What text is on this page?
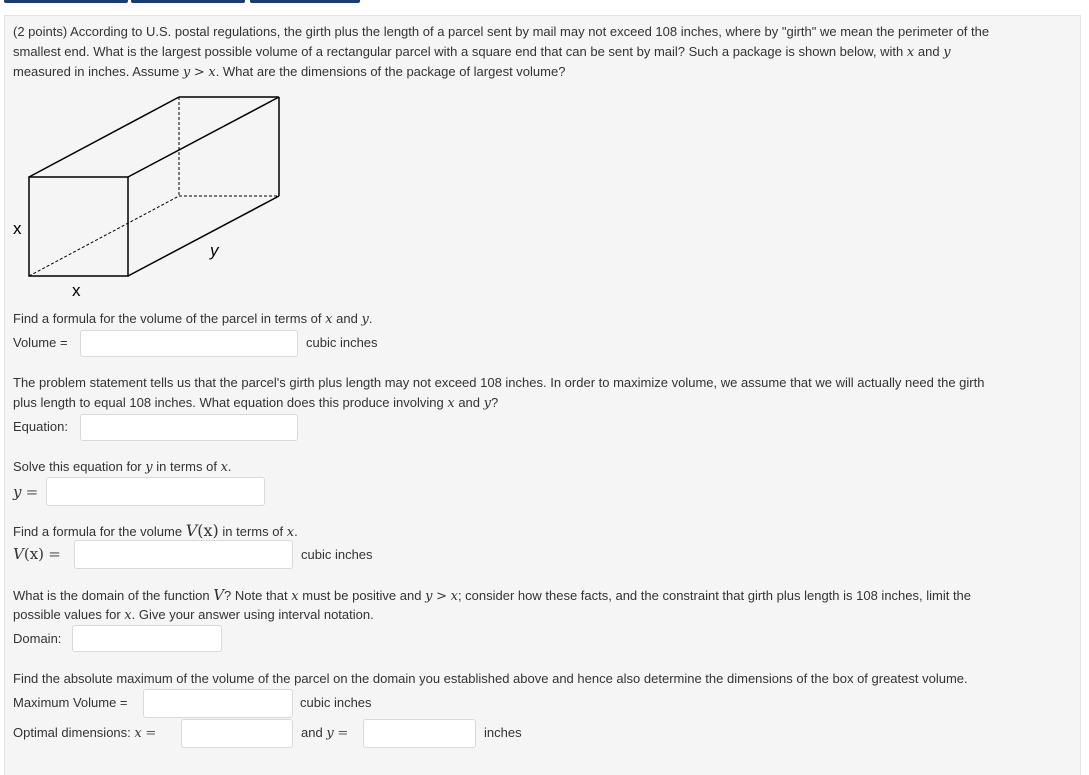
(2 points) According to U.S. postal regulations, the girth plus the length of a parcel sent by mail may not exceed 108 inches, where by "girth" we mean the perimeter of the
smallest end. What is the largest possible volume of a rectangular parcel with a square end that can be sent by mail? Such a package is shown below, with x and y
measured in inches. Assume y > x. What are the dimensions of the package of largest volume?
x
y
x
Find a formula for the volume of the parcel in terms of x and y.
Volume =	cubic inches
The problem statement tells us that the parcel's girth plus length may not exceed 108 inches. In order to maximize volume, we assume that we will actually need the girth
plus length to equal 108 inches. What equation does this produce involving x and y?
Equation:
Solve this equation for y in terms of x.
y =
Find a formula for the volume V(x) in terms of x.
V(x) =	cubic inches
What is the domain of the function V? Note that x must be positive and y > x; consider how these facts, and the constraint that girth plus length is 108 inches, limit the
possible values for x. Give your answer using interval notation.
Domain:
Find the absolute maximum of the volume of the parcel on the domain you established above and hence also determine the dimensions of the box of greatest volume.
Maximum Volume =	cubic inches
Optimal dimensions: x =	and y =	inches
